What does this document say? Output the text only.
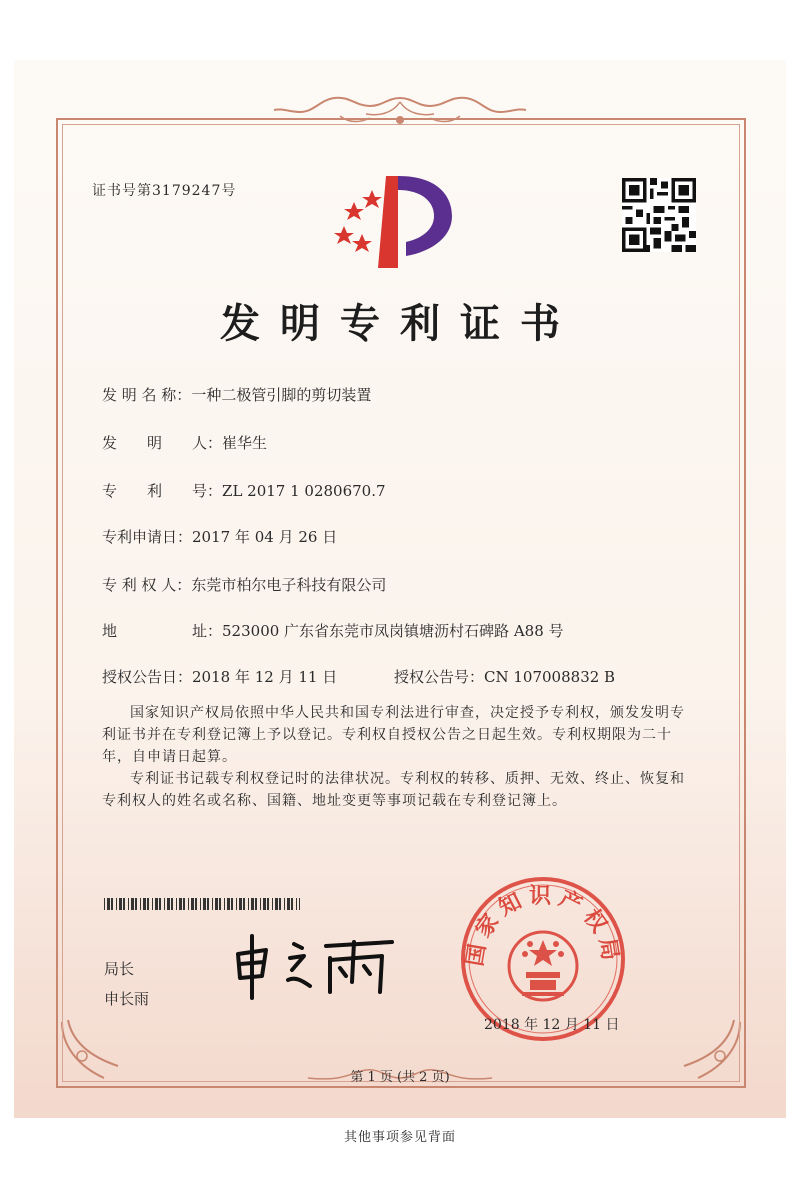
证书号第3179247号
发明专利证书
发 明 名 称：一种二极管引脚的剪切装置
发　　明　　人：崔华生
专　　利　　号：ZL 2017 1 0280670.7
专利申请日：2017 年 04 月 26 日
专 利 权 人：东莞市柏尔电子科技有限公司
地　　　　　址：523000 广东省东莞市凤岗镇塘沥村石碑路 A88 号
授权公告日：2018 年 12 月 11 日	授权公告号：CN 107008832 B

国家知识产权局依照中华人民共和国专利法进行审查，决定授予专利权，颁发发明专利证书并在专利登记簿上予以登记。专利权自授权公告之日起生效。专利权期限为二十年，自申请日起算。

专利证书记载专利权登记时的法律状况。专利权的转移、质押、无效、终止、恢复和专利权人的姓名或名称、国籍、地址变更等事项记载在专利登记簿上。

局长
申长雨
国家知识产权局
2018 年 12 月 11 日
第 1 页 (共 2 页)
其他事项参见背面
